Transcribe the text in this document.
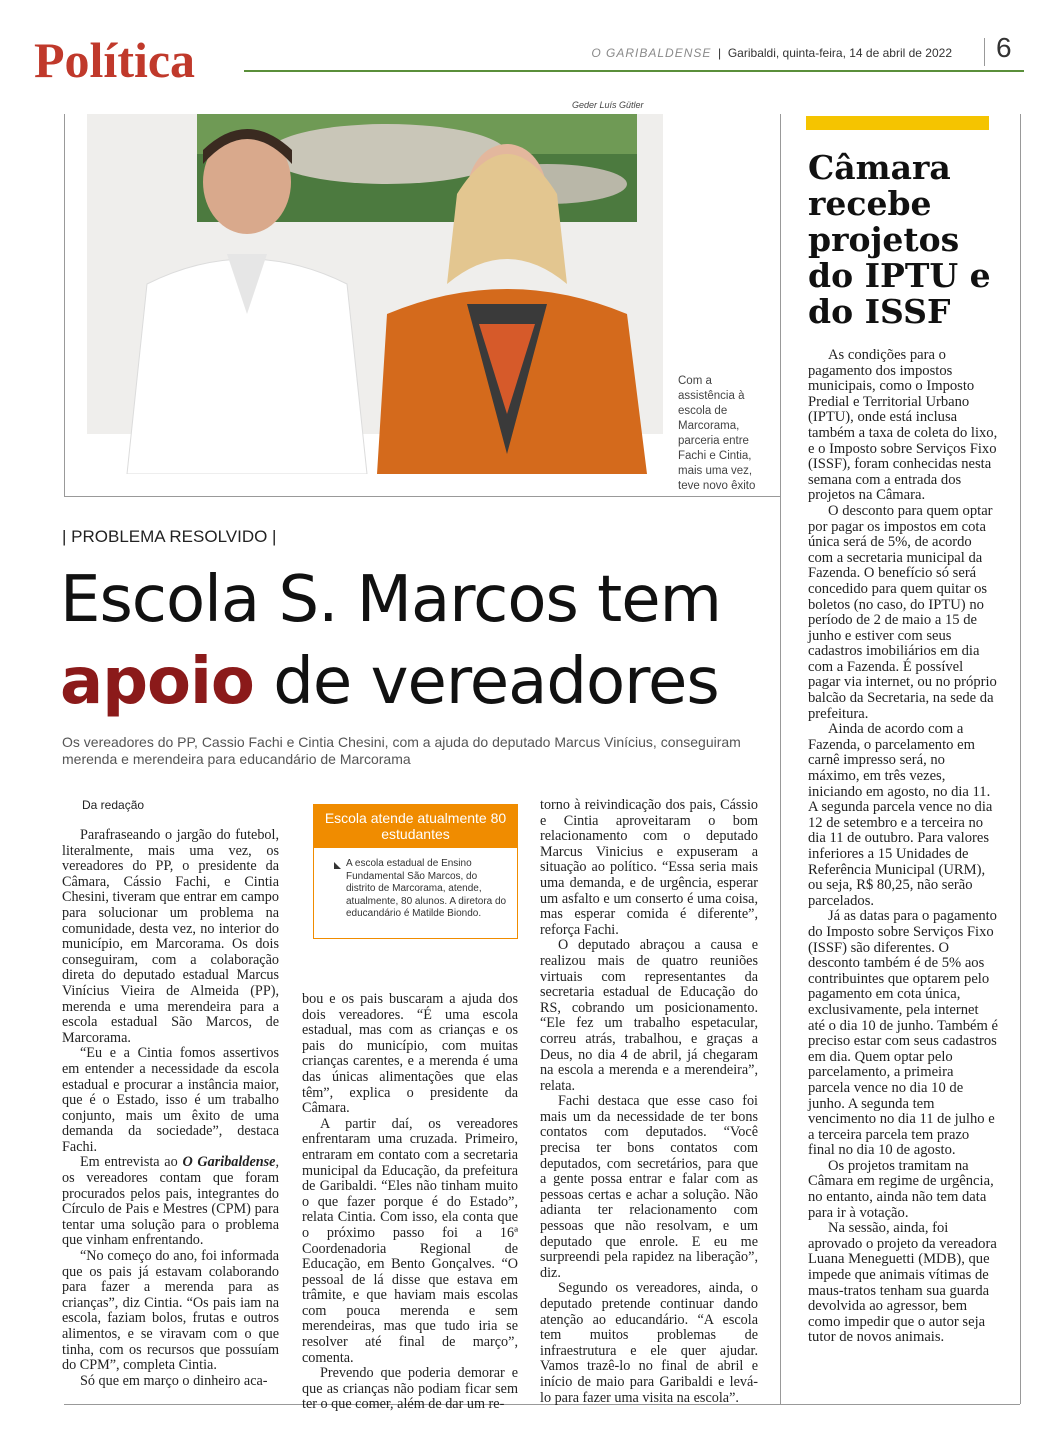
Política	O GARIBALDENSE | Garibaldi, quinta-feira, 14 de abril de 2022 6
Geder Luís Gütler
Com a assistência à escola de Marcorama, parceria entre Fachi e Cintia, mais uma vez, teve novo êxito
| PROBLEMA RESOLVIDO |
Escola S. Marcos tem
apoio de vereadores
Os vereadores do PP, Cassio Fachi e Cintia Chesini, com a ajuda do deputado Marcus Vinícius, conseguiram merenda e merendeira para educandário de Marcorama
Da redação

Parafraseando o jargão do futebol, literalmente, mais uma vez, os vereadores do PP, o presidente da Câmara, Cássio Fachi, e Cintia Chesini, tiveram que entrar em campo para solucionar um problema na comunidade, desta vez, no interior do município, em Marcorama. Os dois conseguiram, com a colaboração direta do deputado estadual Marcus Vinícius Vieira de Almeida (PP), merenda e uma merendeira para a escola estadual São Marcos, de Marcorama.

“Eu e a Cintia fomos assertivos em entender a necessidade da escola estadual e procurar a instância maior, que é o Estado, isso é um trabalho conjunto, mais um êxito de uma demanda da sociedade”, destaca Fachi.

Em entrevista ao O Garibaldense, os vereadores contam que foram procurados pelos pais, integrantes do Círculo de Pais e Mestres (CPM) para tentar uma solução para o problema que vinham enfrentando.

“No começo do ano, foi informada que os pais já estavam colaborando para fazer a merenda para as crianças”, diz Cintia. “Os pais iam na escola, faziam bolos, frutas e outros alimentos, e se viravam com o que tinha, com os recursos que possuíam do CPM”, completa Cintia.

Só que em março o dinheiro aca-

Escola atende atualmente 80 estudantes
A escola estadual de Ensino Fundamental São Marcos, do distrito de Marcorama, atende, atualmente, 80 alunos. A diretora do educandário é Matilde Biondo.

bou e os pais buscaram a ajuda dos dois vereadores. “É uma escola estadual, mas com as crianças e os pais do município, com muitas crianças carentes, e a merenda é uma das únicas alimentações que elas têm”, explica o presidente da Câmara.

A partir daí, os vereadores enfrentaram uma cruzada. Primeiro, entraram em contato com a secretaria municipal da Educação, da prefeitura de Garibaldi. “Eles não tinham muito o que fazer porque é do Estado”, relata Cintia. Com isso, ela conta que o próximo passo foi a 16ª Coordenadoria Regional de Educação, em Bento Gonçalves. “O pessoal de lá disse que estava em trâmite, e que haviam mais escolas com pouca merenda e sem merendeiras, mas que tudo iria se resolver até final de março”, comenta.

Prevendo que poderia demorar e que as crianças não podiam ficar sem ter o que comer, além de dar um re-

torno à reivindicação dos pais, Cássio e Cintia aproveitaram o bom relacionamento com o deputado Marcus Vinicius e expuseram a situação ao político. “Essa seria mais uma demanda, e de urgência, esperar um asfalto e um conserto é uma coisa, mas esperar comida é diferente”, reforça Fachi.

O deputado abraçou a causa e realizou mais de quatro reuniões virtuais com representantes da secretaria estadual de Educação do RS, cobrando um posicionamento. “Ele fez um trabalho espetacular, correu atrás, trabalhou, e graças a Deus, no dia 4 de abril, já chegaram na escola a merenda e a merendeira”, relata.

Fachi destaca que esse caso foi mais um da necessidade de ter bons contatos com deputados. “Você precisa ter bons contatos com deputados, com secretários, para que a gente possa entrar e falar com as pessoas certas e achar a solução. Não adianta ter relacionamento com pessoas que não resolvam, e um deputado que enrole. E eu me surpreendi pela rapidez na liberação”, diz.

Segundo os vereadores, ainda, o deputado pretende continuar dando atenção ao educandário. “A escola tem muitos problemas de infraestrutura e ele quer ajudar. Vamos trazê-lo no final de abril e início de maio para Garibaldi e levá-lo para fazer uma visita na escola”.

Câmara recebe projetos do IPTU e do ISSF

As condições para o pagamento dos impostos municipais, como o Imposto Predial e Territorial Urbano (IPTU), onde está inclusa também a taxa de coleta do lixo, e o Imposto sobre Serviços Fixo (ISSF), foram conhecidas nesta semana com a entrada dos projetos na Câmara.

O desconto para quem optar por pagar os impostos em cota única será de 5%, de acordo com a secretaria municipal da Fazenda. O benefício só será concedido para quem quitar os boletos (no caso, do IPTU) no período de 2 de maio a 15 de junho e estiver com seus cadastros imobiliários em dia com a Fazenda. É possível pagar via internet, ou no próprio balcão da Secretaria, na sede da prefeitura.

Ainda de acordo com a Fazenda, o parcelamento em carnê impresso será, no máximo, em três vezes, iniciando em agosto, no dia 11. A segunda parcela vence no dia 12 de setembro e a terceira no dia 11 de outubro. Para valores inferiores a 15 Unidades de Referência Municipal (URM), ou seja, R$ 80,25, não serão parcelados.

Já as datas para o pagamento do Imposto sobre Serviços Fixo (ISSF) são diferentes. O desconto também é de 5% aos contribuintes que optarem pelo pagamento em cota única, exclusivamente, pela internet até o dia 10 de junho. Também é preciso estar com seus cadastros em dia. Quem optar pelo parcelamento, a primeira parcela vence no dia 10 de junho. A segunda tem vencimento no dia 11 de julho e a terceira parcela tem prazo final no dia 10 de agosto.

Os projetos tramitam na Câmara em regime de urgência, no entanto, ainda não tem data para ir à votação.

Na sessão, ainda, foi aprovado o projeto da vereadora Luana Meneguetti (MDB), que impede que animais vítimas de maus-tratos tenham sua guarda devolvida ao agressor, bem como impedir que o autor seja tutor de novos animais.
